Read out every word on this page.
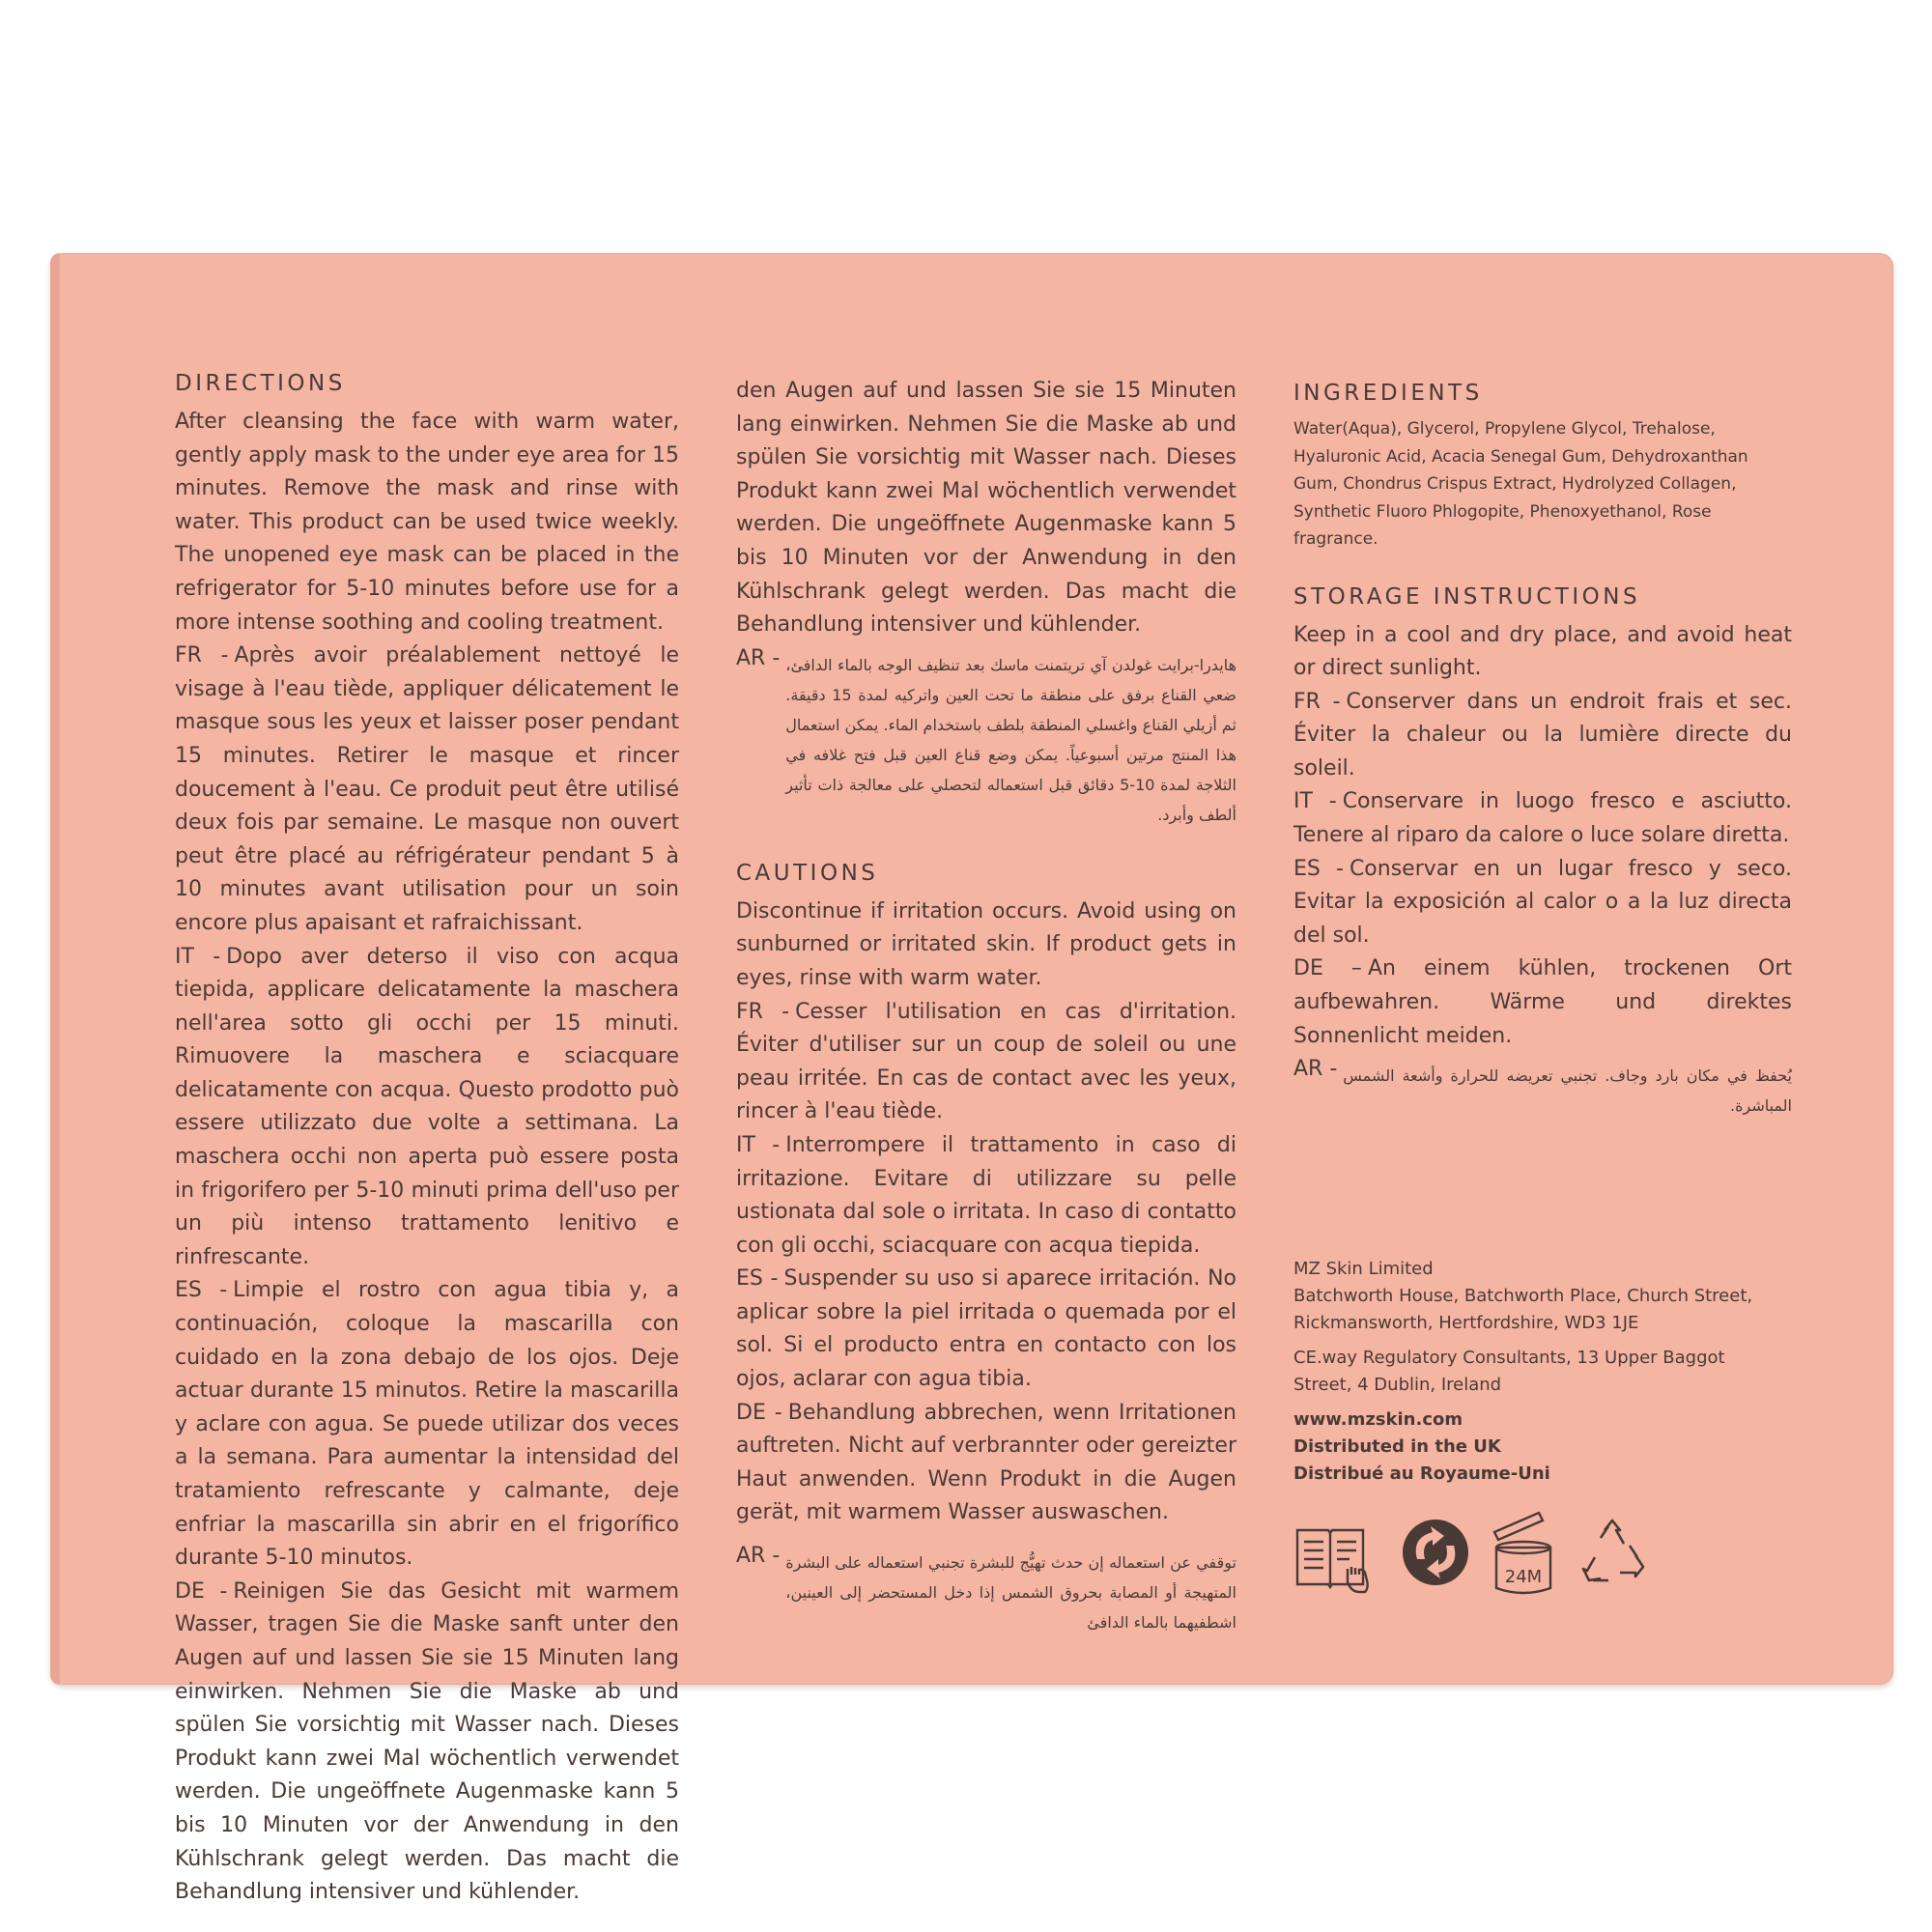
DIRECTIONS

After cleansing the face with warm water, gently apply mask to the under eye area for 15 minutes. Remove the mask and rinse with water. This product can be used twice weekly. The unopened eye mask can be placed in the refrigerator for 5-10 minutes before use for a more intense soothing and cooling treatment.

FR - Après avoir préalablement nettoyé le visage à l'eau tiède, appliquer délicatement le masque sous les yeux et laisser poser pendant 15 minutes. Retirer le masque et rincer doucement à l'eau. Ce produit peut être utilisé deux fois par semaine. Le masque non ouvert peut être placé au réfrigérateur pendant 5 à 10 minutes avant utilisation pour un soin encore plus apaisant et rafraichissant.

IT - Dopo aver deterso il viso con acqua tiepida, applicare delicatamente la maschera nell'area sotto gli occhi per 15 minuti. Rimuovere la maschera e sciacquare delicatamente con acqua. Questo prodotto può essere utilizzato due volte a settimana. La maschera occhi non aperta può essere posta in frigorifero per 5-10 minuti prima dell'uso per un più intenso trattamento lenitivo e rinfrescante.

ES - Limpie el rostro con agua tibia y, a continuación, coloque la mascarilla con cuidado en la zona debajo de los ojos. Deje actuar durante 15 minutos. Retire la mascarilla y aclare con agua. Se puede utilizar dos veces a la semana. Para aumentar la intensidad del tratamiento refrescante y calmante, deje enfriar la mascarilla sin abrir en el frigorífico durante 5-10 minutos.

DE - Reinigen Sie das Gesicht mit warmem Wasser, tragen Sie die Maske sanft unter den Augen auf und lassen Sie sie 15 Minuten lang einwirken. Nehmen Sie die Maske ab und spülen Sie vorsichtig mit Wasser nach. Dieses Produkt kann zwei Mal wöchentlich verwendet werden. Die ungeöffnete Augenmaske kann 5 bis 10 Minuten vor der Anwendung in den Kühlschrank gelegt werden. Das macht die Behandlung intensiver und kühlender.

den Augen auf und lassen Sie sie 15 Minuten lang einwirken. Nehmen Sie die Maske ab und spülen Sie vorsichtig mit Wasser nach. Dieses Produkt kann zwei Mal wöchentlich verwendet werden. Die ungeöffnete Augenmaske kann 5 bis 10 Minuten vor der Anwendung in den Kühlschrank gelegt werden. Das macht die Behandlung intensiver und kühlender.

AR - هايدرا-برايت غولدن آي تريتمنت ماسك بعد تنظيف الوجه بالماء الدافئ، ضعي القناع برفق على منطقة ما تحت العين واتركيه لمدة 15 دقيقة. ثم أزيلي القناع واغسلي المنطقة بلطف باستخدام الماء. يمكن استعمال هذا المنتج مرتين أسبوعياً. يمكن وضع قناع العين قبل فتح غلافه في الثلاجة لمدة 10-5 دقائق قبل استعماله لتحصلي على معالجة ذات تأثير ألطف وأبرد.
CAUTIONS

Discontinue if irritation occurs. Avoid using on sunburned or irritated skin. If product gets in eyes, rinse with warm water.

FR - Cesser l'utilisation en cas d'irritation. Éviter d'utiliser sur un coup de soleil ou une peau irritée. En cas de contact avec les yeux, rincer à l'eau tiède.

IT - Interrompere il trattamento in caso di irritazione. Evitare di utilizzare su pelle ustionata dal sole o irritata. In caso di contatto con gli occhi, sciacquare con acqua tiepida.

ES - Suspender su uso si aparece irritación. No aplicar sobre la piel irritada o quemada por el sol. Si el producto entra en contacto con los ojos, aclarar con agua tibia.

DE - Behandlung abbrechen, wenn Irritationen auftreten. Nicht auf verbrannter oder gereizter Haut anwenden. Wenn Produkt in die Augen gerät, mit warmem Wasser auswaschen.

AR - توقفي عن استعماله إن حدث تهيُّج للبشرة تجنبي استعماله على البشرة المتهيجة أو المصابة بحروق الشمس إذا دخل المستحضر إلى العينين، اشطفيهما بالماء الدافئ
INGREDIENTS

Water(Aqua), Glycerol, Propylene Glycol, Trehalose, Hyaluronic Acid, Acacia Senegal Gum, Dehydroxanthan Gum, Chondrus Crispus Extract, Hydrolyzed Collagen, Synthetic Fluoro Phlogopite, Phenoxyethanol, Rose fragrance.

STORAGE INSTRUCTIONS

Keep in a cool and dry place, and avoid heat or direct sunlight.

FR - Conserver dans un endroit frais et sec. Éviter la chaleur ou la lumière directe du soleil.

IT - Conservare in luogo fresco e asciutto. Tenere al riparo da calore o luce solare diretta.

ES - Conservar en un lugar fresco y seco. Evitar la exposición al calor o a la luz directa del sol.

DE – An einem kühlen, trockenen Ort aufbewahren. Wärme und direktes Sonnenlicht meiden.

AR - يُحفظ في مكان بارد وجاف. تجنبي تعريضه للحرارة وأشعة الشمس المباشرة.

MZ Skin Limited

Batchworth House, Batchworth Place, Church Street,

Rickmansworth, Hertfordshire, WD3 1JE

CE.way Regulatory Consultants, 13 Upper Baggot

Street, 4 Dublin, Ireland

www.mzskin.com

Distributed in the UK

Distribué au Royaume-Uni

24M
